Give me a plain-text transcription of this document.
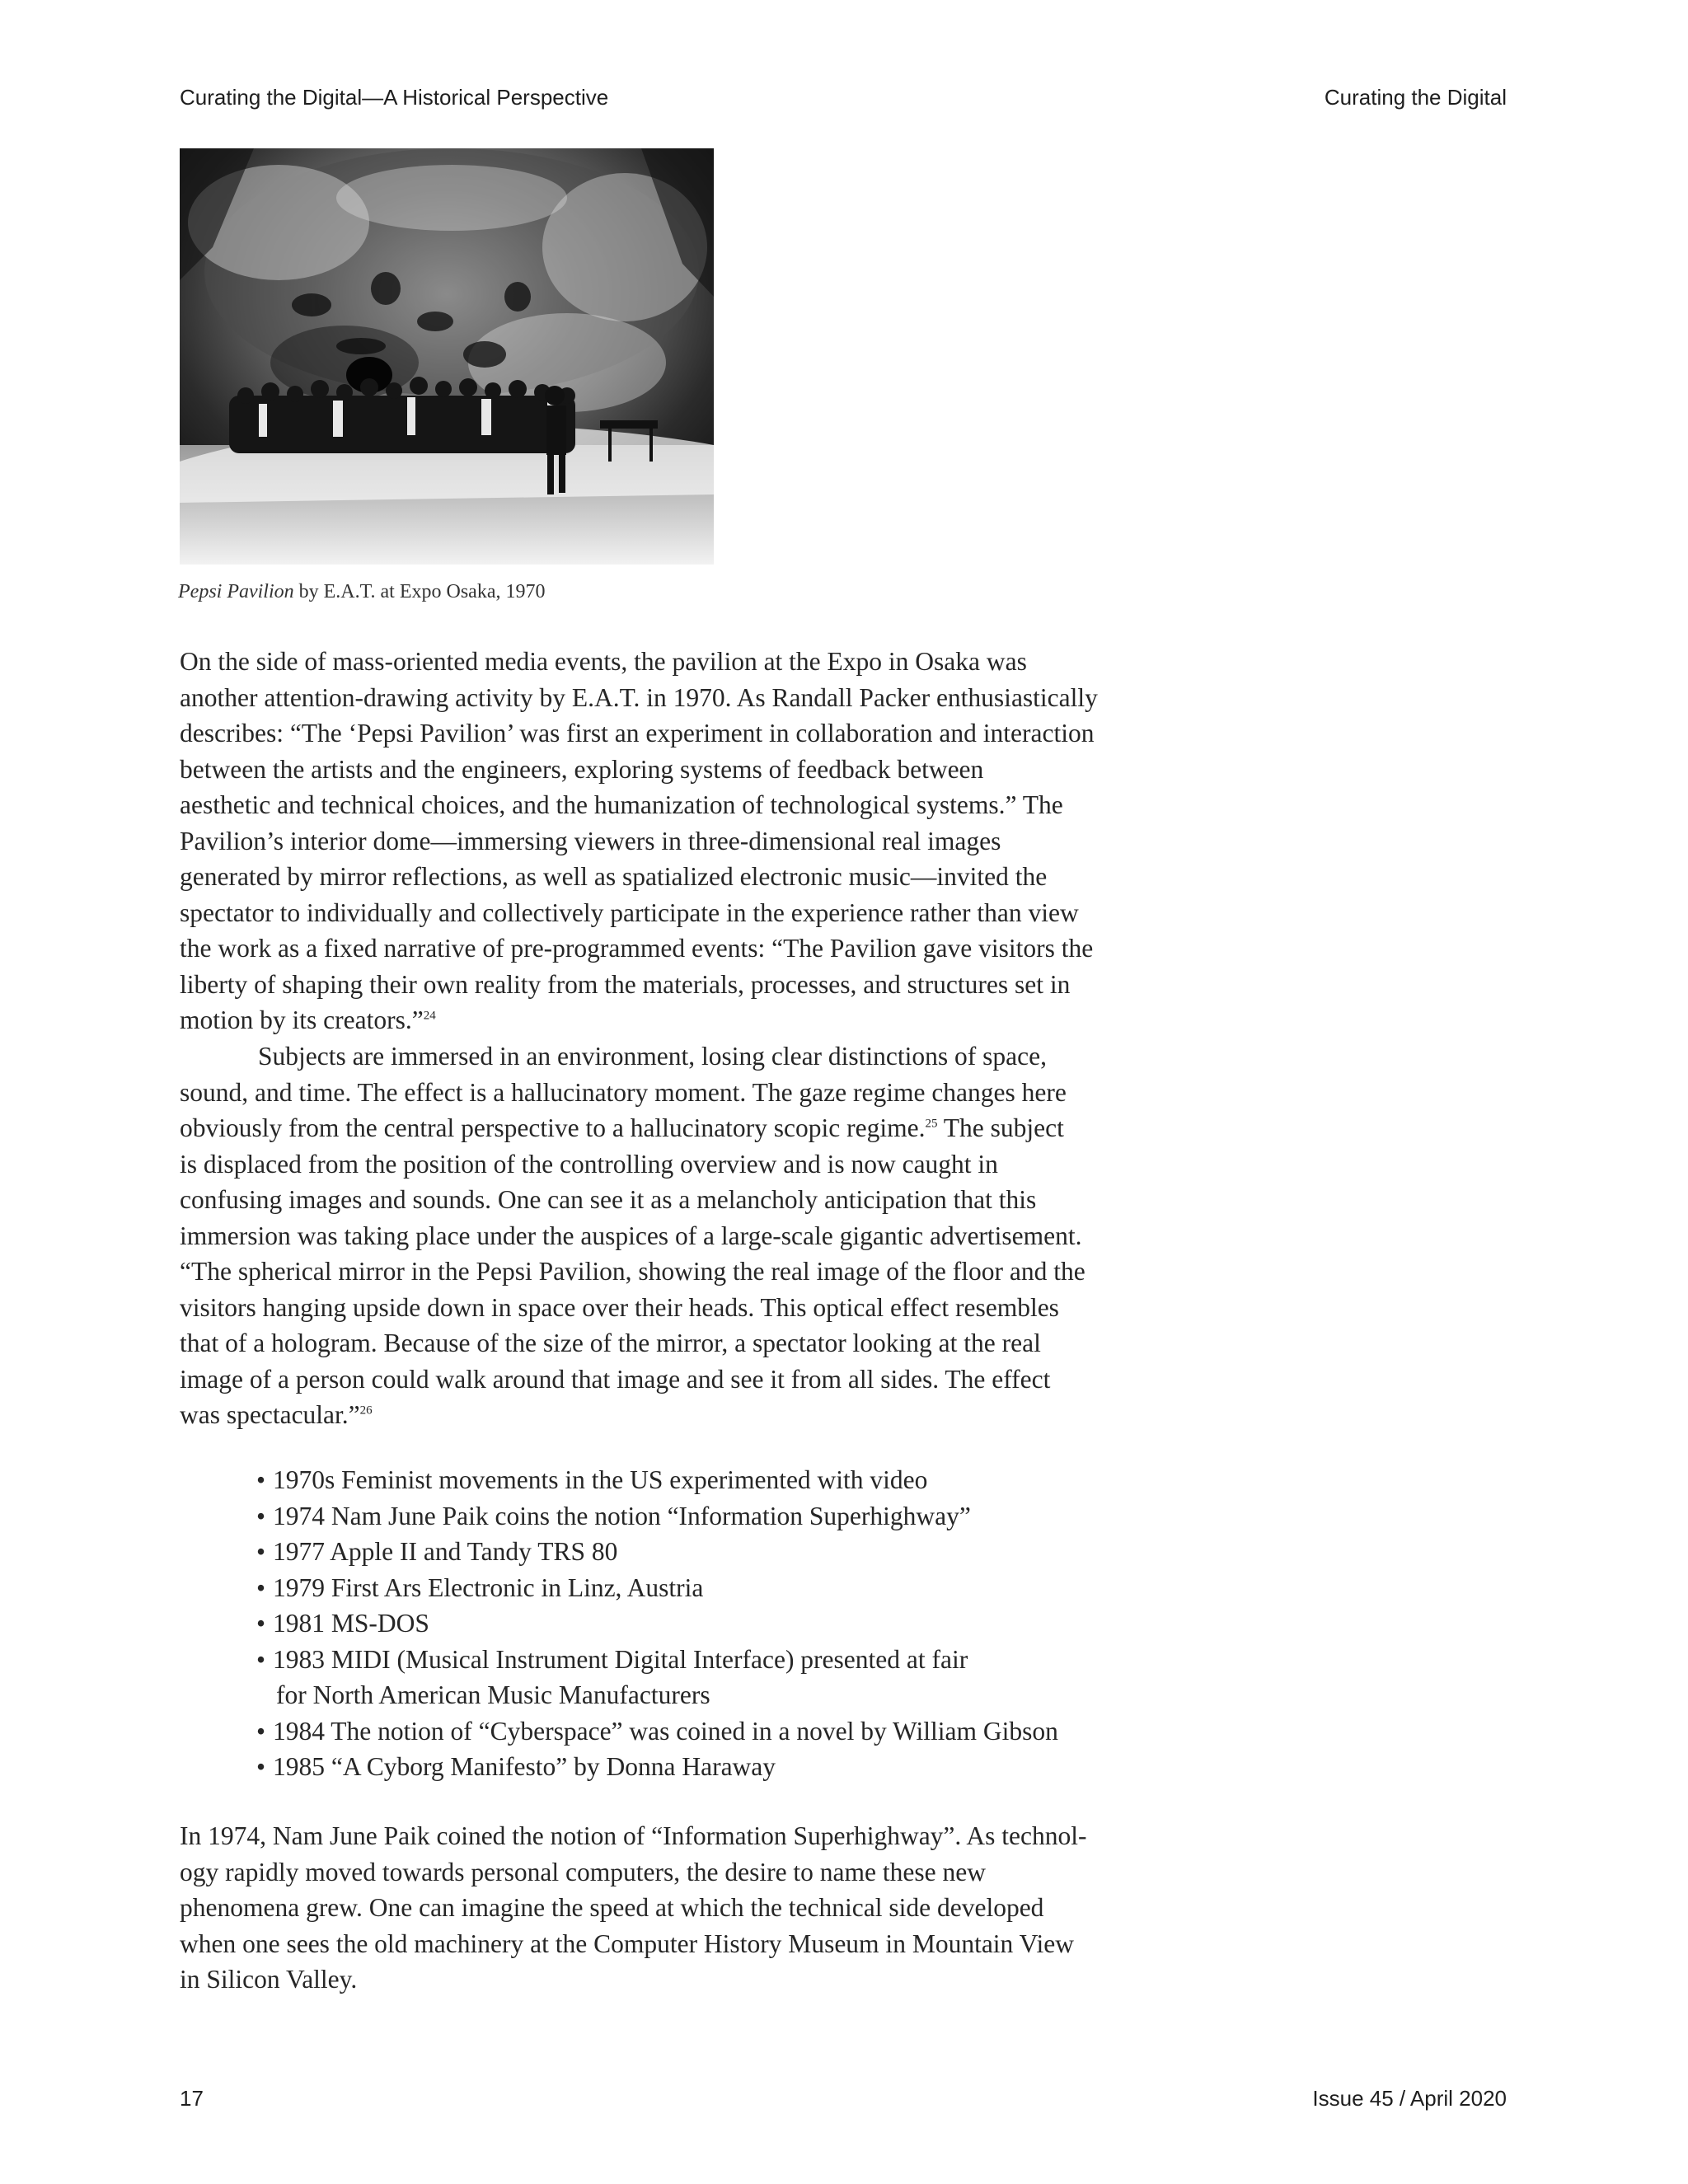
Curating the Digital—A Historical Perspective	Curating the Digital
Pepsi Pavilion by E.A.T. at Expo Osaka, 1970
On the side of mass-oriented media events, the pavilion at the Expo in Osaka was
another attention-drawing activity by E.A.T. in 1970. As Randall Packer enthusiastically
describes: “The ‘Pepsi Pavilion’ was first an experiment in collaboration and interaction
between the artists and the engineers, exploring systems of feedback between
aesthetic and technical choices, and the humanization of technological systems.” The
Pavilion’s interior dome—immersing viewers in three-dimensional real images
generated by mirror reflections, as well as spatialized electronic music—invited the
spectator to individually and collectively participate in the experience rather than view
the work as a fixed narrative of pre-programmed events: “The Pavilion gave visitors the
liberty of shaping their own reality from the materials, processes, and structures set in
motion by its creators.”$^{24}$
Subjects are immersed in an environment, losing clear distinctions of space,
sound, and time. The effect is a hallucinatory moment. The gaze regime changes here
obviously from the central perspective to a hallucinatory scopic regime.$^{25}$ The subject
is displaced from the position of the controlling overview and is now caught in
confusing images and sounds. One can see it as a melancholy anticipation that this
immersion was taking place under the auspices of a large-scale gigantic advertisement.
“The spherical mirror in the Pepsi Pavilion, showing the real image of the floor and the
visitors hanging upside down in space over their heads. This optical effect resembles
that of a hologram. Because of the size of the mirror, a spectator looking at the real
image of a person could walk around that image and see it from all sides. The effect
was spectacular.”$^{26}$
• 1970s Feminist movements in the US experimented with video
• 1974 Nam June Paik coins the notion “Information Superhighway”
• 1977 Apple II and Tandy TRS 80
• 1979 First Ars Electronic in Linz, Austria
• 1981 MS-DOS
• 1983 MIDI (Musical Instrument Digital Interface) presented at fair
for North American Music Manufacturers
• 1984 The notion of “Cyberspace” was coined in a novel by William Gibson
• 1985 “A Cyborg Manifesto” by Donna Haraway
In 1974, Nam June Paik coined the notion of “Information Superhighway”. As technol-
ogy rapidly moved towards personal computers, the desire to name these new
phenomena grew. One can imagine the speed at which the technical side developed
when one sees the old machinery at the Computer History Museum in Mountain View
in Silicon Valley.
17	Issue 45 / April 2020
